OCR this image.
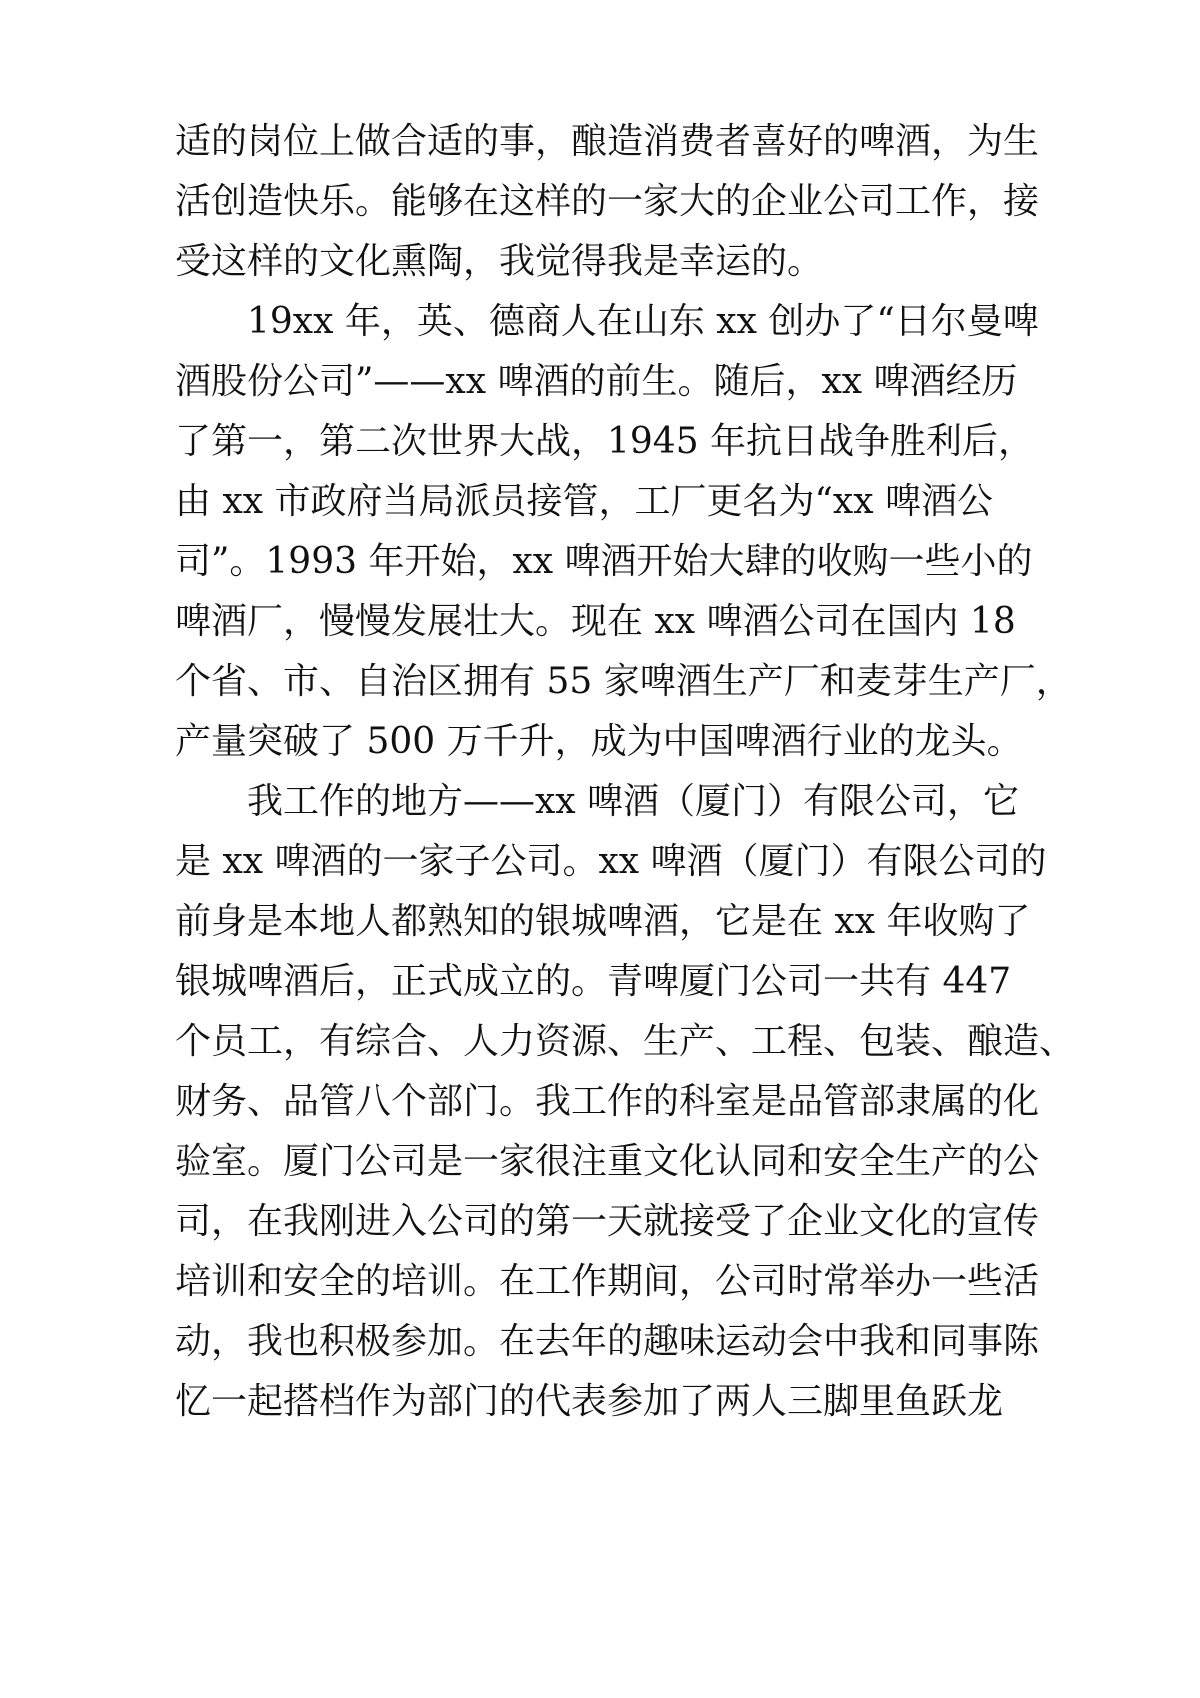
适的岗位上做合适的事，酿造消费者喜好的啤酒，为生
活创造快乐。能够在这样的一家大的企业公司工作，接
受这样的文化熏陶，我觉得我是幸运的。
19xx 年，英、德商人在山东 xx 创办了“日尔曼啤
酒股份公司”——xx 啤酒的前生。随后，xx 啤酒经历
了第一，第二次世界大战，1945 年抗日战争胜利后，
由 xx 市政府当局派员接管，工厂更名为“xx 啤酒公
司”。1993 年开始，xx 啤酒开始大肆的收购一些小的
啤酒厂，慢慢发展壮大。现在 xx 啤酒公司在国内 18
个省、市、自治区拥有 55 家啤酒生产厂和麦芽生产厂，
产量突破了 500 万千升，成为中国啤酒行业的龙头。
我工作的地方——xx 啤酒（厦门）有限公司，它
是 xx 啤酒的一家子公司。xx 啤酒（厦门）有限公司的
前身是本地人都熟知的银城啤酒，它是在 xx 年收购了
银城啤酒后，正式成立的。青啤厦门公司一共有 447
个员工，有综合、人力资源、生产、工程、包装、酿造、
财务、品管八个部门。我工作的科室是品管部隶属的化
验室。厦门公司是一家很注重文化认同和安全生产的公
司，在我刚进入公司的第一天就接受了企业文化的宣传
培训和安全的培训。在工作期间，公司时常举办一些活
动，我也积极参加。在去年的趣味运动会中我和同事陈
忆一起搭档作为部门的代表参加了两人三脚里鱼跃龙
